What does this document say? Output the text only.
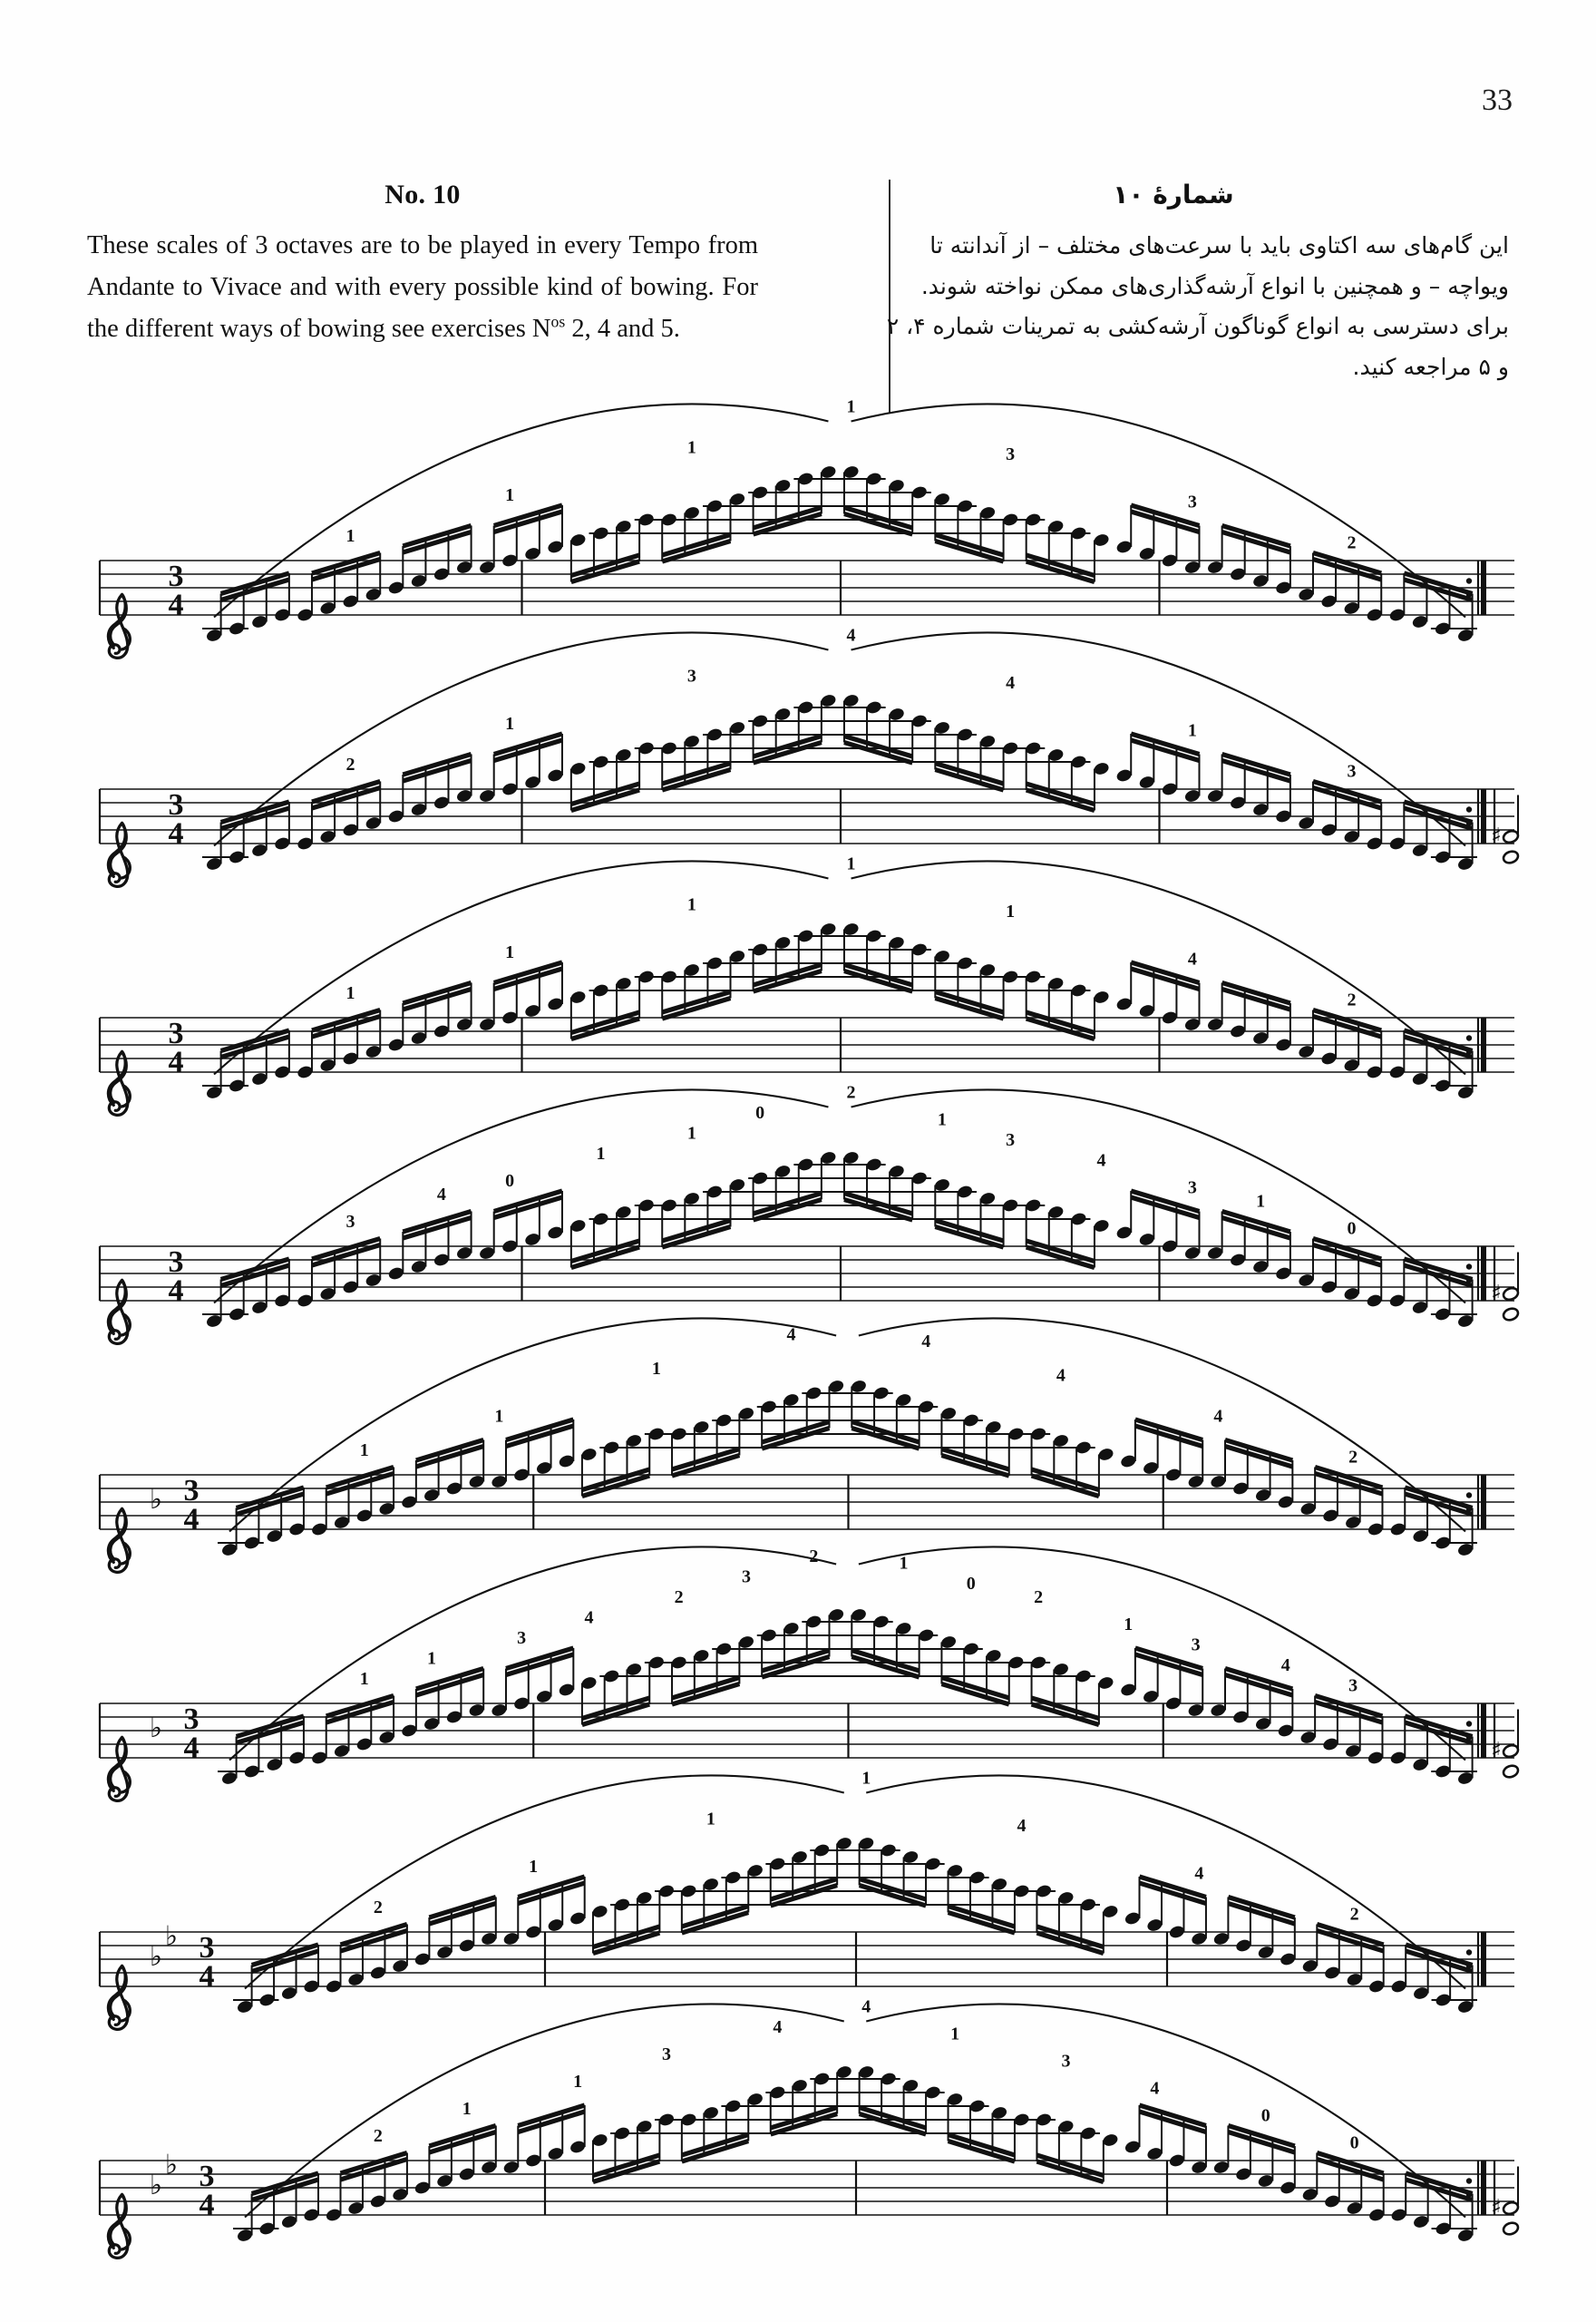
33
No. 10
These scales of 3 octaves are to be played in every Tempo from Andante to Vivace and with every possible kind of bowing. For the different ways of bowing see exercises $N^{os}$ 2, 4 and 5.
شمارهٔ ۱۰
این گام‌های سه اکتاوی باید با سرعت‌های مختلف – از آندانته تا
ویواچه – و همچنین با انواع آرشه‌گذاری‌های ممکن نواخته شوند.
برای دسترسی به انواع گوناگون آرشه‌کشی به تمرینات شماره ۴، ۲
و ۵ مراجعه کنید.
3
4
1
1
1
1
3
3
2
3
4
2
1
3
4
4
1
3
♯
3
4
1
1
1
1
1
4
2
3
4
3
4
0
1
1
0
2
1
3
4
3
1
0
♯
♭ 3
4
1
1
1
4	4
4
4
2
♭ 3
4
1
1
3
4
2
3
2	1
0
2
1
3
4
3
♯
♭
♭ 3
4
2
1
1
1
4
4
2
♭
♭ 3
4
2
1
1
3
4
4
1
3
4
0
0
♯
